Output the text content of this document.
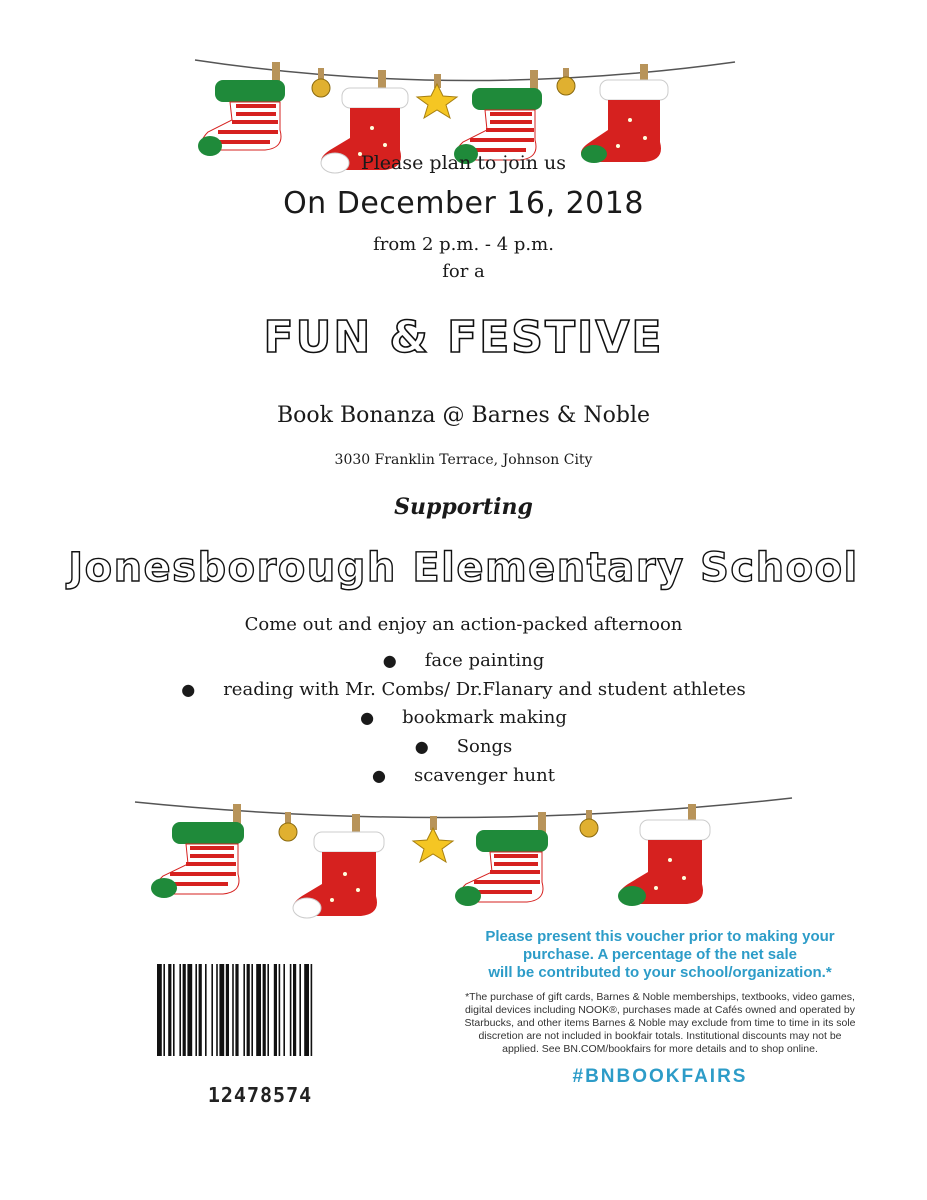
Please plan to join us
On December 16, 2018
from 2 p.m. - 4 p.m.
for a
FUN & FESTIVE
Book Bonanza @ Barnes & Noble
3030 Franklin Terrace, Johnson City
Supporting
Jonesborough Elementary School
Come out and enjoy an action-packed afternoon
● face painting
● reading with Mr. Combs/ Dr.Flanary and student athletes
● bookmark making
● Songs
● scavenger hunt
12478574
Please present this voucher prior to making your
purchase. A percentage of the net sale
will be contributed to your school/organization.*
*The purchase of gift cards, Barnes & Noble memberships, textbooks, video games, digital devices including NOOK®, purchases made at Cafés owned and operated by Starbucks, and other items Barnes & Noble may exclude from time to time in its sole discretion are not included in bookfair totals. Institutional discounts may not be applied. See BN.COM/bookfairs for more details and to shop online.
#BNBOOKFAIRS
